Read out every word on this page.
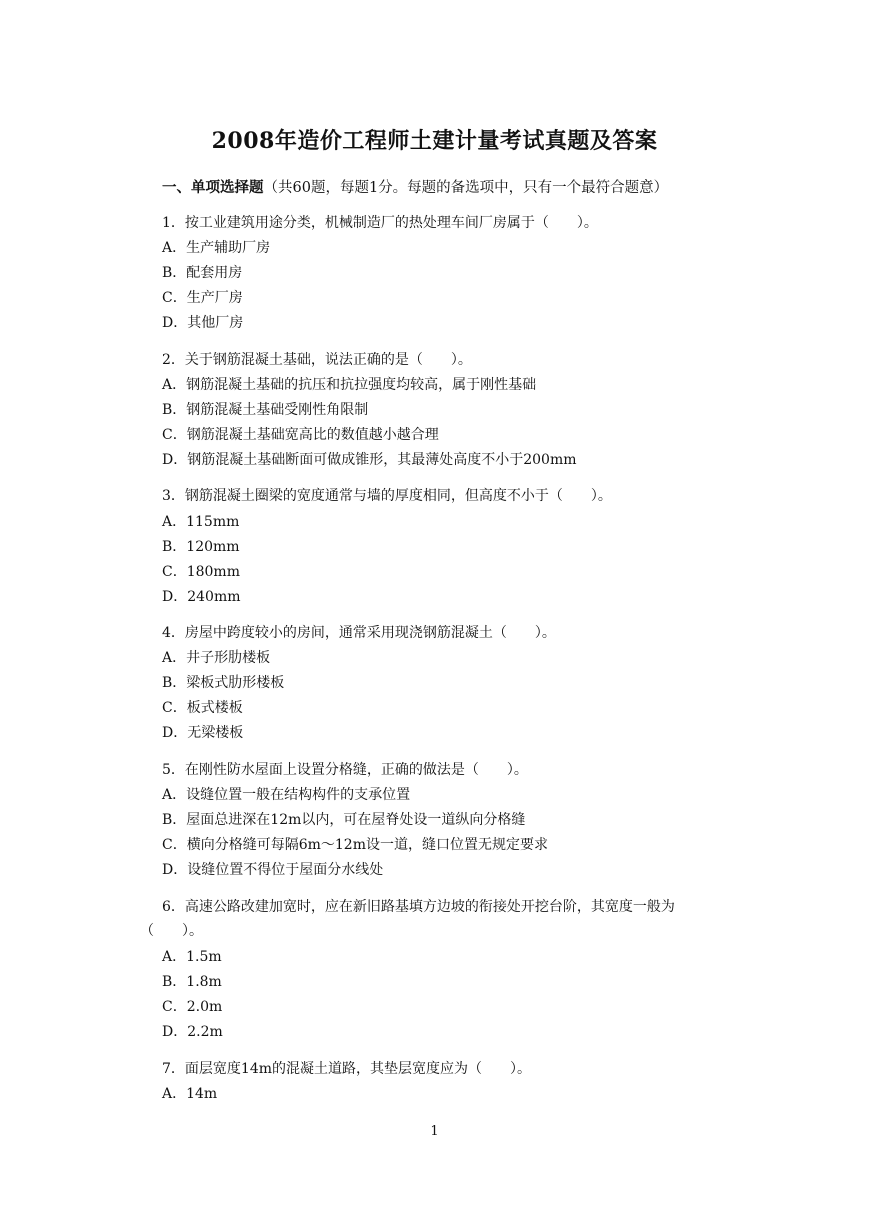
2008年造价工程师土建计量考试真题及答案
一、单项选择题（共60题，每题1分。每题的备选项中，只有一个最符合题意）
1．按工业建筑用途分类，机械制造厂的热处理车间厂房属于（　　）。
A．生产辅助厂房
B．配套用房
C．生产厂房
D．其他厂房
2．关于钢筋混凝土基础，说法正确的是（　　）。
A．钢筋混凝土基础的抗压和抗拉强度均较高，属于刚性基础
B．钢筋混凝土基础受刚性角限制
C．钢筋混凝土基础宽高比的数值越小越合理
D．钢筋混凝土基础断面可做成锥形，其最薄处高度不小于200mm
3．钢筋混凝土圈梁的宽度通常与墙的厚度相同，但高度不小于（　　）。
A．115mm
B．120mm
C．180mm
D．240mm
4．房屋中跨度较小的房间，通常采用现浇钢筋混凝土（　　）。
A．井子形肋楼板
B．梁板式肋形楼板
C．板式楼板
D．无梁楼板
5．在刚性防水屋面上设置分格缝，正确的做法是（　　）。
A．设缝位置一般在结构构件的支承位置
B．屋面总进深在12m以内，可在屋脊处设一道纵向分格缝
C．横向分格缝可每隔6m～12m设一道，缝口位置无规定要求
D．设缝位置不得位于屋面分水线处
6．高速公路改建加宽时，应在新旧路基填方边坡的衔接处开挖台阶，其宽度一般为
（　　）。
A．1.5m
B．1.8m
C．2.0m
D．2.2m
7．面层宽度14m的混凝土道路，其垫层宽度应为（　　）。
A．14m
1
